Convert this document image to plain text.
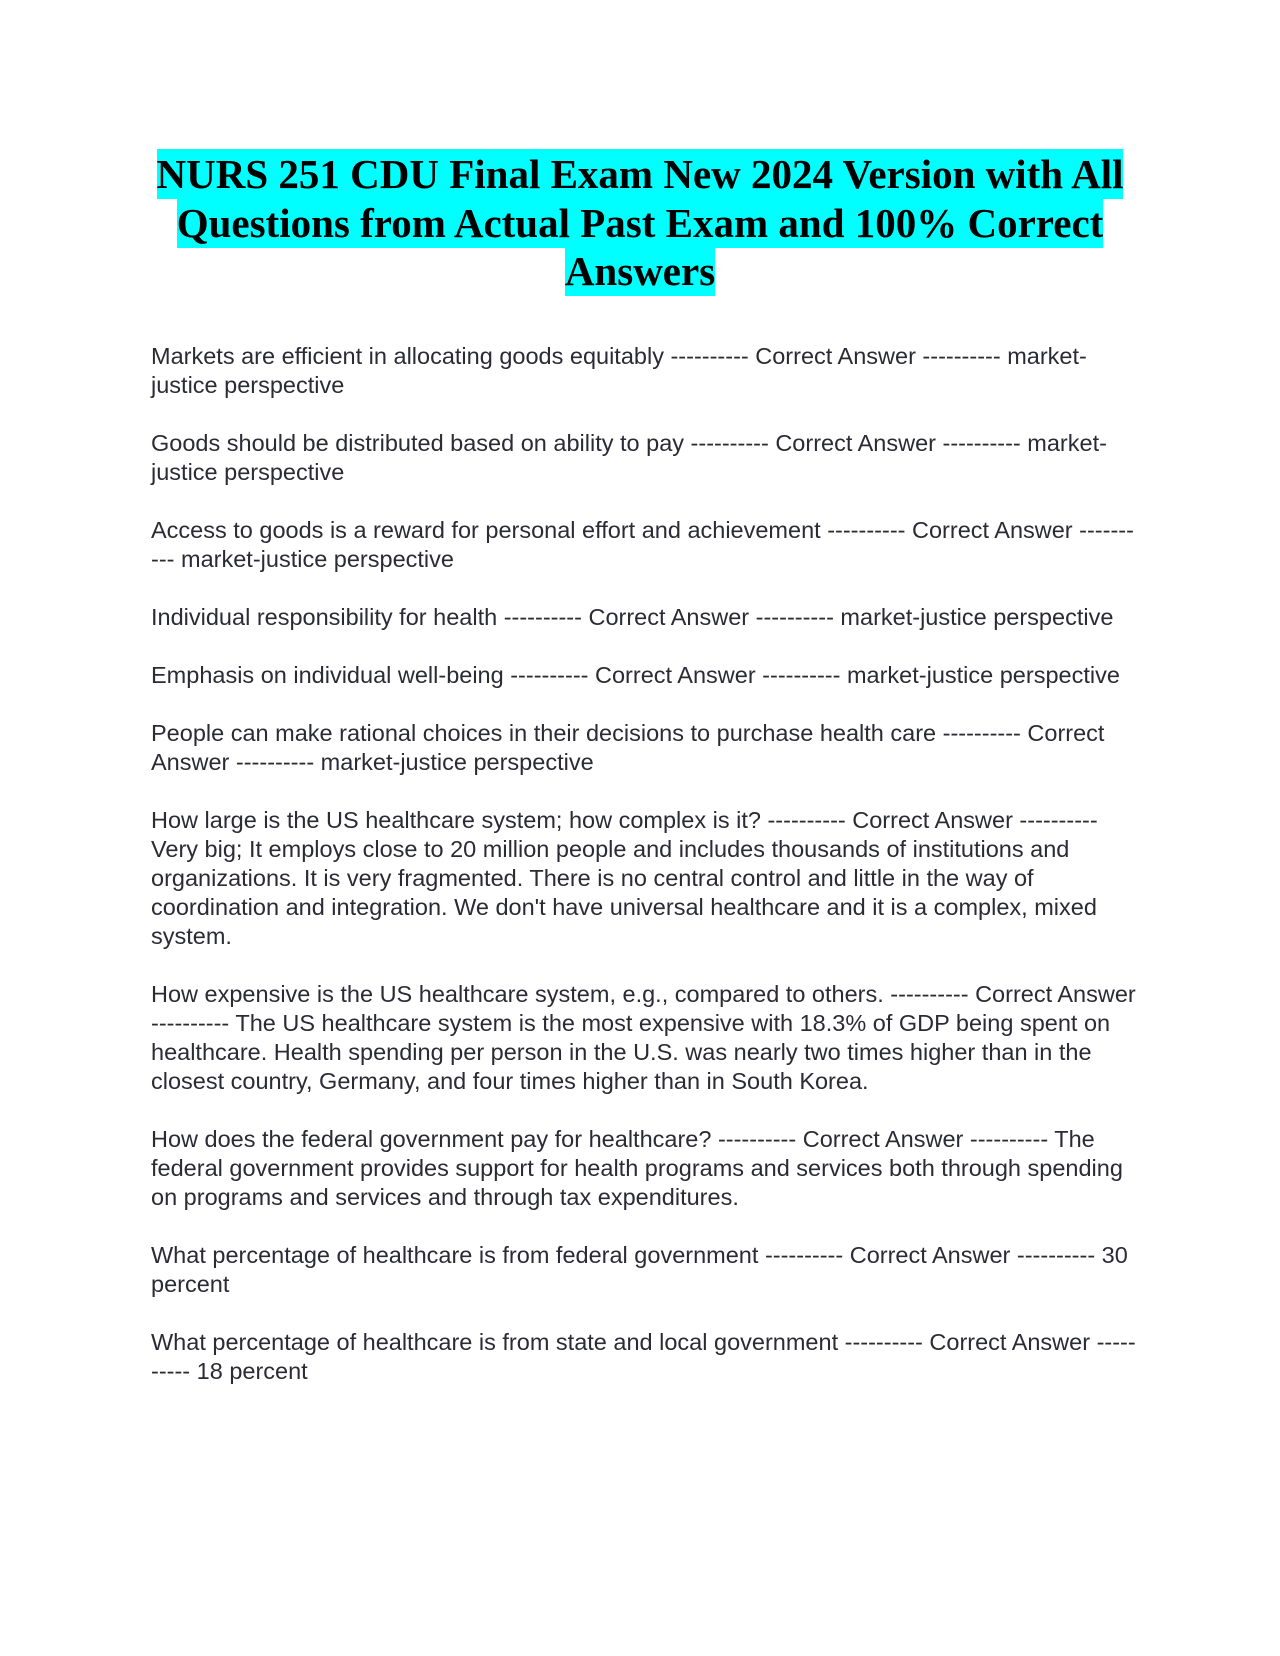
NURS 251 CDU Final Exam New 2024 Version with All Questions from Actual Past Exam and 100% Correct Answers

Markets are efficient in allocating goods equitably ---------- Correct Answer ---------- market-justice perspective

Goods should be distributed based on ability to pay ---------- Correct Answer ---------- market-justice perspective

Access to goods is a reward for personal effort and achievement ---------- Correct Answer ---------- market-justice perspective

Individual responsibility for health ---------- Correct Answer ---------- market-justice perspective

Emphasis on individual well-being ---------- Correct Answer ---------- market-justice perspective

People can make rational choices in their decisions to purchase health care ---------- Correct Answer ---------- market-justice perspective

How large is the US healthcare system; how complex is it? ---------- Correct Answer ---------- Very big; It employs close to 20 million people and includes thousands of institutions and organizations. It is very fragmented. There is no central control and little in the way of coordination and integration. We don't have universal healthcare and it is a complex, mixed system.

How expensive is the US healthcare system, e.g., compared to others. ---------- Correct Answer ---------- The US healthcare system is the most expensive with 18.3% of GDP being spent on healthcare. Health spending per person in the U.S. was nearly two times higher than in the closest country, Germany, and four times higher than in South Korea.

How does the federal government pay for healthcare? ---------- Correct Answer ---------- The federal government provides support for health programs and services both through spending on programs and services and through tax expenditures.

What percentage of healthcare is from federal government ---------- Correct Answer ---------- 30 percent

What percentage of healthcare is from state and local government ---------- Correct Answer ---------- 18 percent
